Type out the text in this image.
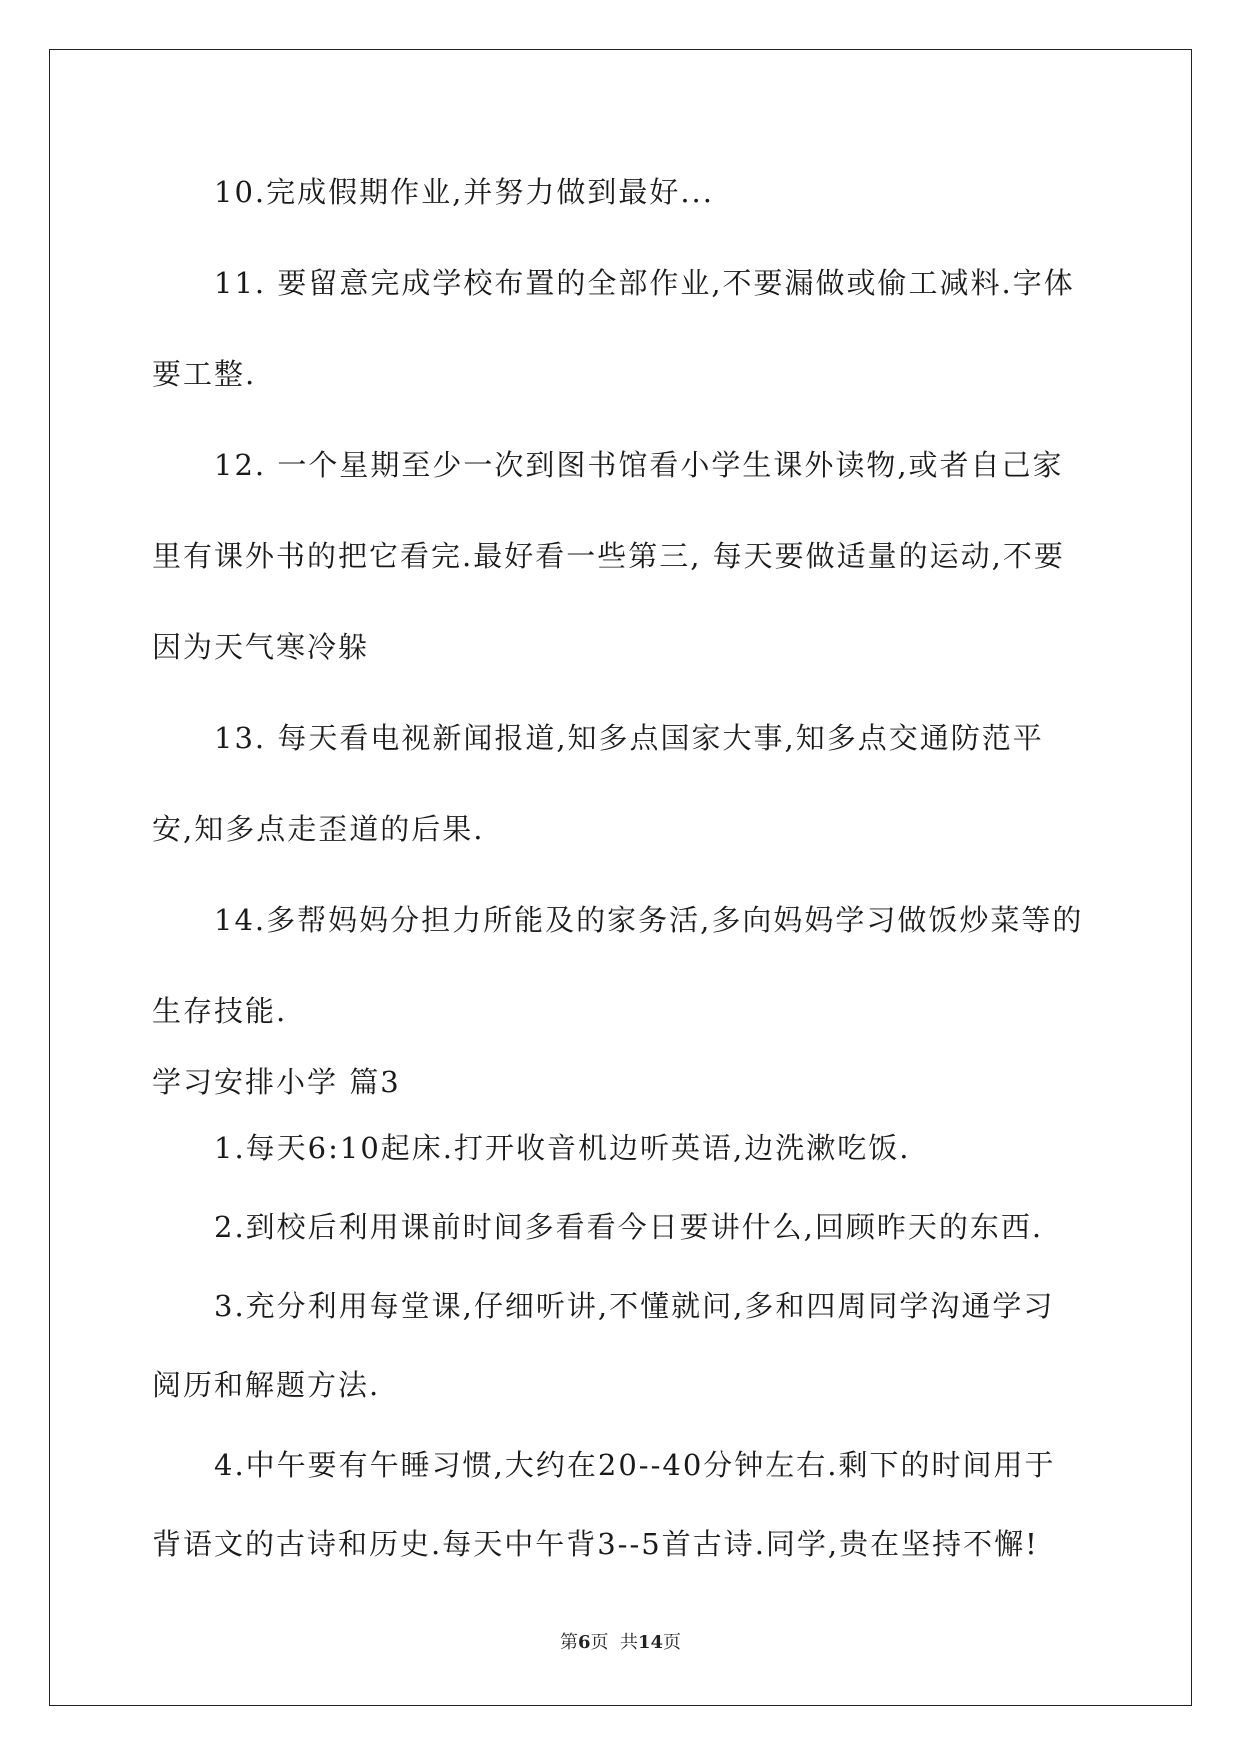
10.完成假期作业,并努力做到最好...
11. 要留意完成学校布置的全部作业,不要漏做或偷工减料.字体
要工整.
12. 一个星期至少一次到图书馆看小学生课外读物,或者自己家
里有课外书的把它看完.最好看一些第三, 每天要做适量的运动,不要
因为天气寒冷躲
13. 每天看电视新闻报道,知多点国家大事,知多点交通防范平
安,知多点走歪道的后果.
14.多帮妈妈分担力所能及的家务活,多向妈妈学习做饭炒菜等的
生存技能.
学习安排小学 篇3
1.每天6:10起床.打开收音机边听英语,边洗漱吃饭.
2.到校后利用课前时间多看看今日要讲什么,回顾昨天的东西.
3.充分利用每堂课,仔细听讲,不懂就问,多和四周同学沟通学习
阅历和解题方法.
4.中午要有午睡习惯,大约在20--40分钟左右.剩下的时间用于
背语文的古诗和历史.每天中午背3--5首古诗.同学,贵在坚持不懈!
第6页  共14页
